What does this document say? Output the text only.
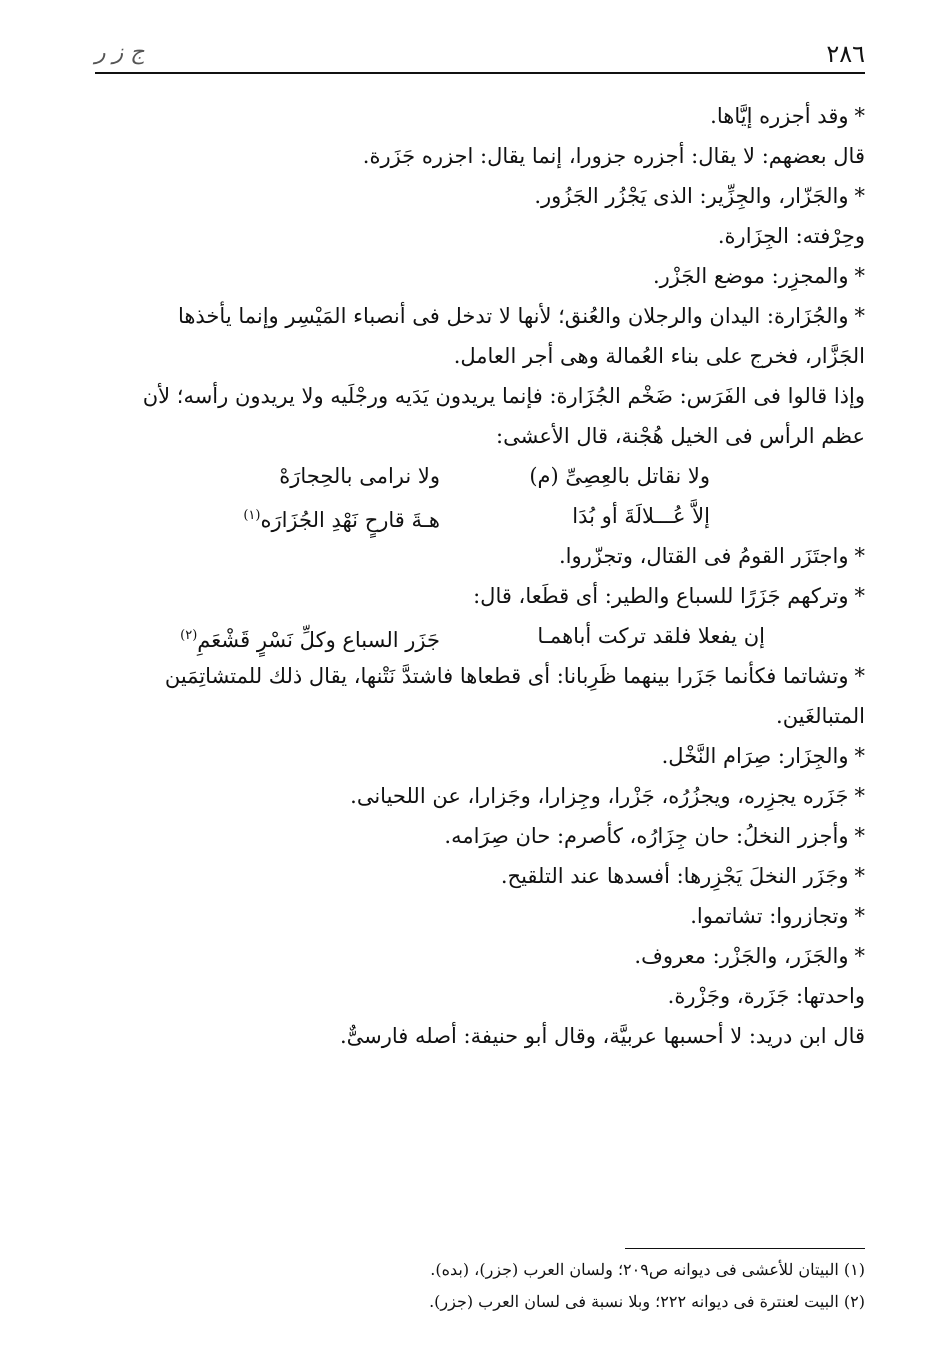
ج ز ر	٢٨٦
*وقد أجزره إيَّاها.
قال بعضهم: لا يقال: أجزره جزورا، إنما يقال: اجزره جَزَرة.
*والجَزّار، والجِزِّير: الذى يَجْزُر الجَزُور.
وحِرْفته: الجِزَارة.
*والمجزِر: موضع الجَزْر.
*والجُزَارة: اليدان والرجلان والعُنق؛ لأنها لا تدخل فى أنصباء المَيْسِر وإنما يأخذها
الجَزَّار، فخرج على بناء العُمالة وهى أجر العامل.
وإذا قالوا فى الفَرَس: ضَخْم الجُزَارة: فإنما يريدون يَدَيه ورجْلَيه ولا يريدون رأسه؛ لأن
عظم الرأس فى الخيل هُجْنة، قال الأعشى:
ولا نقاتل بالعِصِىِّ (م)
ولا نرامى بالحِجارَهْ
إلاَّ عُـــلالَةَ أو بُدَا
هـةَ قارحٍ نَهْدِ الجُزَارَه$^{(١)}$
*واجتَزَر القومُ فى القتال، وتجزّروا.
*وتركهم جَزَرًا للسباع والطير: أى قطَعا، قال:
إن يفعلا فلقد تركت أباهمـا
جَزَر السباع وكلِّ نَسْرٍ قَشْعَمِ$^{(٢)}$
*وتشاتما فكأنما جَزَرا بينهما ظَرِبانا: أى قطعاها فاشتدَّ نَتْنها، يقال ذلك للمتشاتِمَين
المتبالغَين.
*والجِزَار: صِرَام النَّخْل.
*جَزَره يجزِره، ويجزُرُه، جَزْرا، وجِزارا، وجَزارا، عن اللحيانى.
*وأجزر النخلُ: حان جِزَارُه، كأصرم: حان صِرَامه.
*وجَزَر النخلَ يَجْزِرها: أفسدها عند التلقيح.
*وتجازروا: تشاتموا.
*والجَزَر، والجَزْر: معروف.
واحدتها: جَزَرة، وجَزْرة.
قال ابن دريد: لا أحسبها عربيَّة، وقال أبو حنيفة: أصله فارسىٌّ.
(١) البيتان للأعشى فى ديوانه ص٢٠٩؛ ولسان العرب (جزر)، (بده).
(٢) البيت لعنترة فى ديوانه ٢٢٢؛ وبلا نسبة فى لسان العرب (جزر).
